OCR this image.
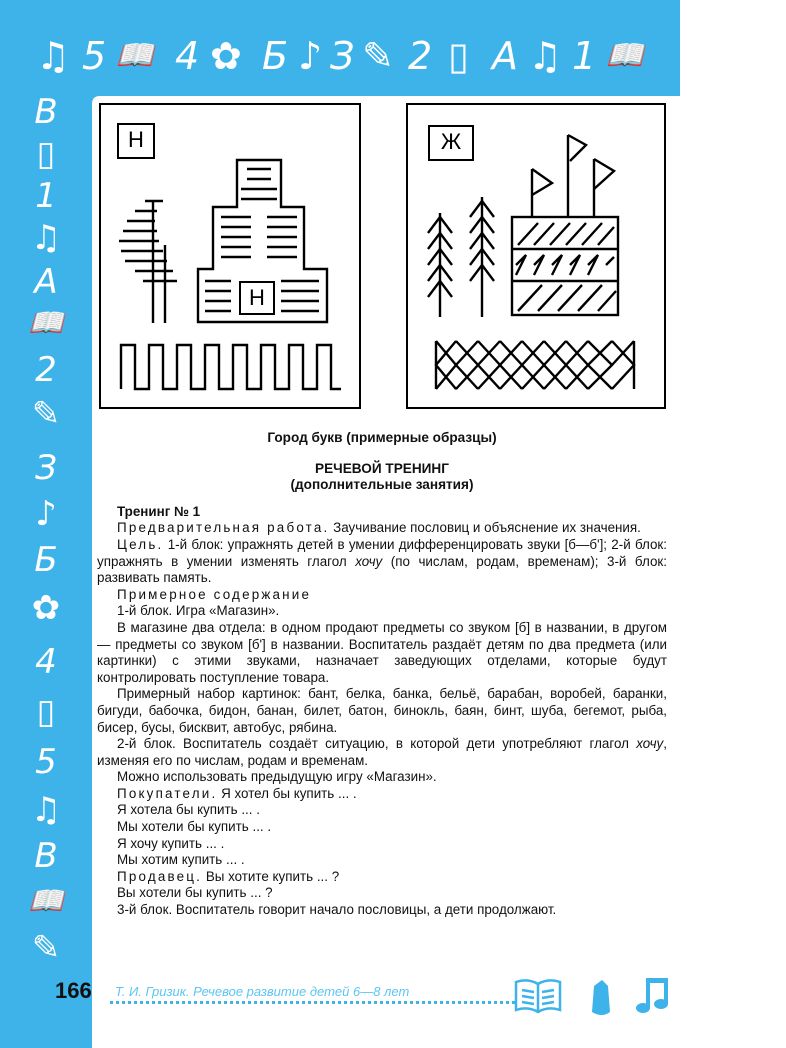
♫ 5 📖 4 ✿ Б ♪ З ✎ 2 ▯ А ♫ 1 📖
В
▯
1
♫
А
📖
2
✎
З
♪
Б
✿
4
▯
5
♫
В
📖
✎
Н
Н
Ж
Город букв (примерные образцы)
РЕЧЕВОЙ ТРЕНИНГ
(дополнительные занятия)
Тренинг № 1

Предварительная работа. Заучивание пословиц и объяснение их значения.

Цель. 1-й блок: упражнять детей в умении дифференцировать звуки [б—б']; 2-й блок: упражнять в умении изменять глагол хочу (по числам, родам, временам); 3-й блок: развивать память.

Примерное содержание
1-й блок. Игра «Магазин».

В магазине два отдела: в одном продают предметы со звуком [б] в названии, в другом — предметы со звуком [б'] в названии. Воспитатель раздаёт детям по два предмета (или картинки) с этими звуками, назначает заведующих отделами, которые будут контролировать поступление товара.

Примерный набор картинок: бант, белка, банка, бельё, барабан, воробей, баранки, бигуди, бабочка, бидон, банан, билет, батон, бинокль, баян, бинт, шуба, бегемот, рыба, бисер, бусы, бисквит, автобус, рябина.

2-й блок. Воспитатель создаёт ситуацию, в которой дети употребляют глагол хочу, изменяя его по числам, родам и временам.

Можно использовать предыдущую игру «Магазин».
Покупатели. Я хотел бы купить ... .
Я хотела бы купить ... .
Мы хотели бы купить ... .
Я хочу купить ... .
Мы хотим купить ... .
Продавец. Вы хотите купить ... ?
Вы хотели бы купить ... ?
3-й блок. Воспитатель говорит начало пословицы, а дети продолжают.
166 Т. И. Гризик. Речевое развитие детей 6—8 лет
